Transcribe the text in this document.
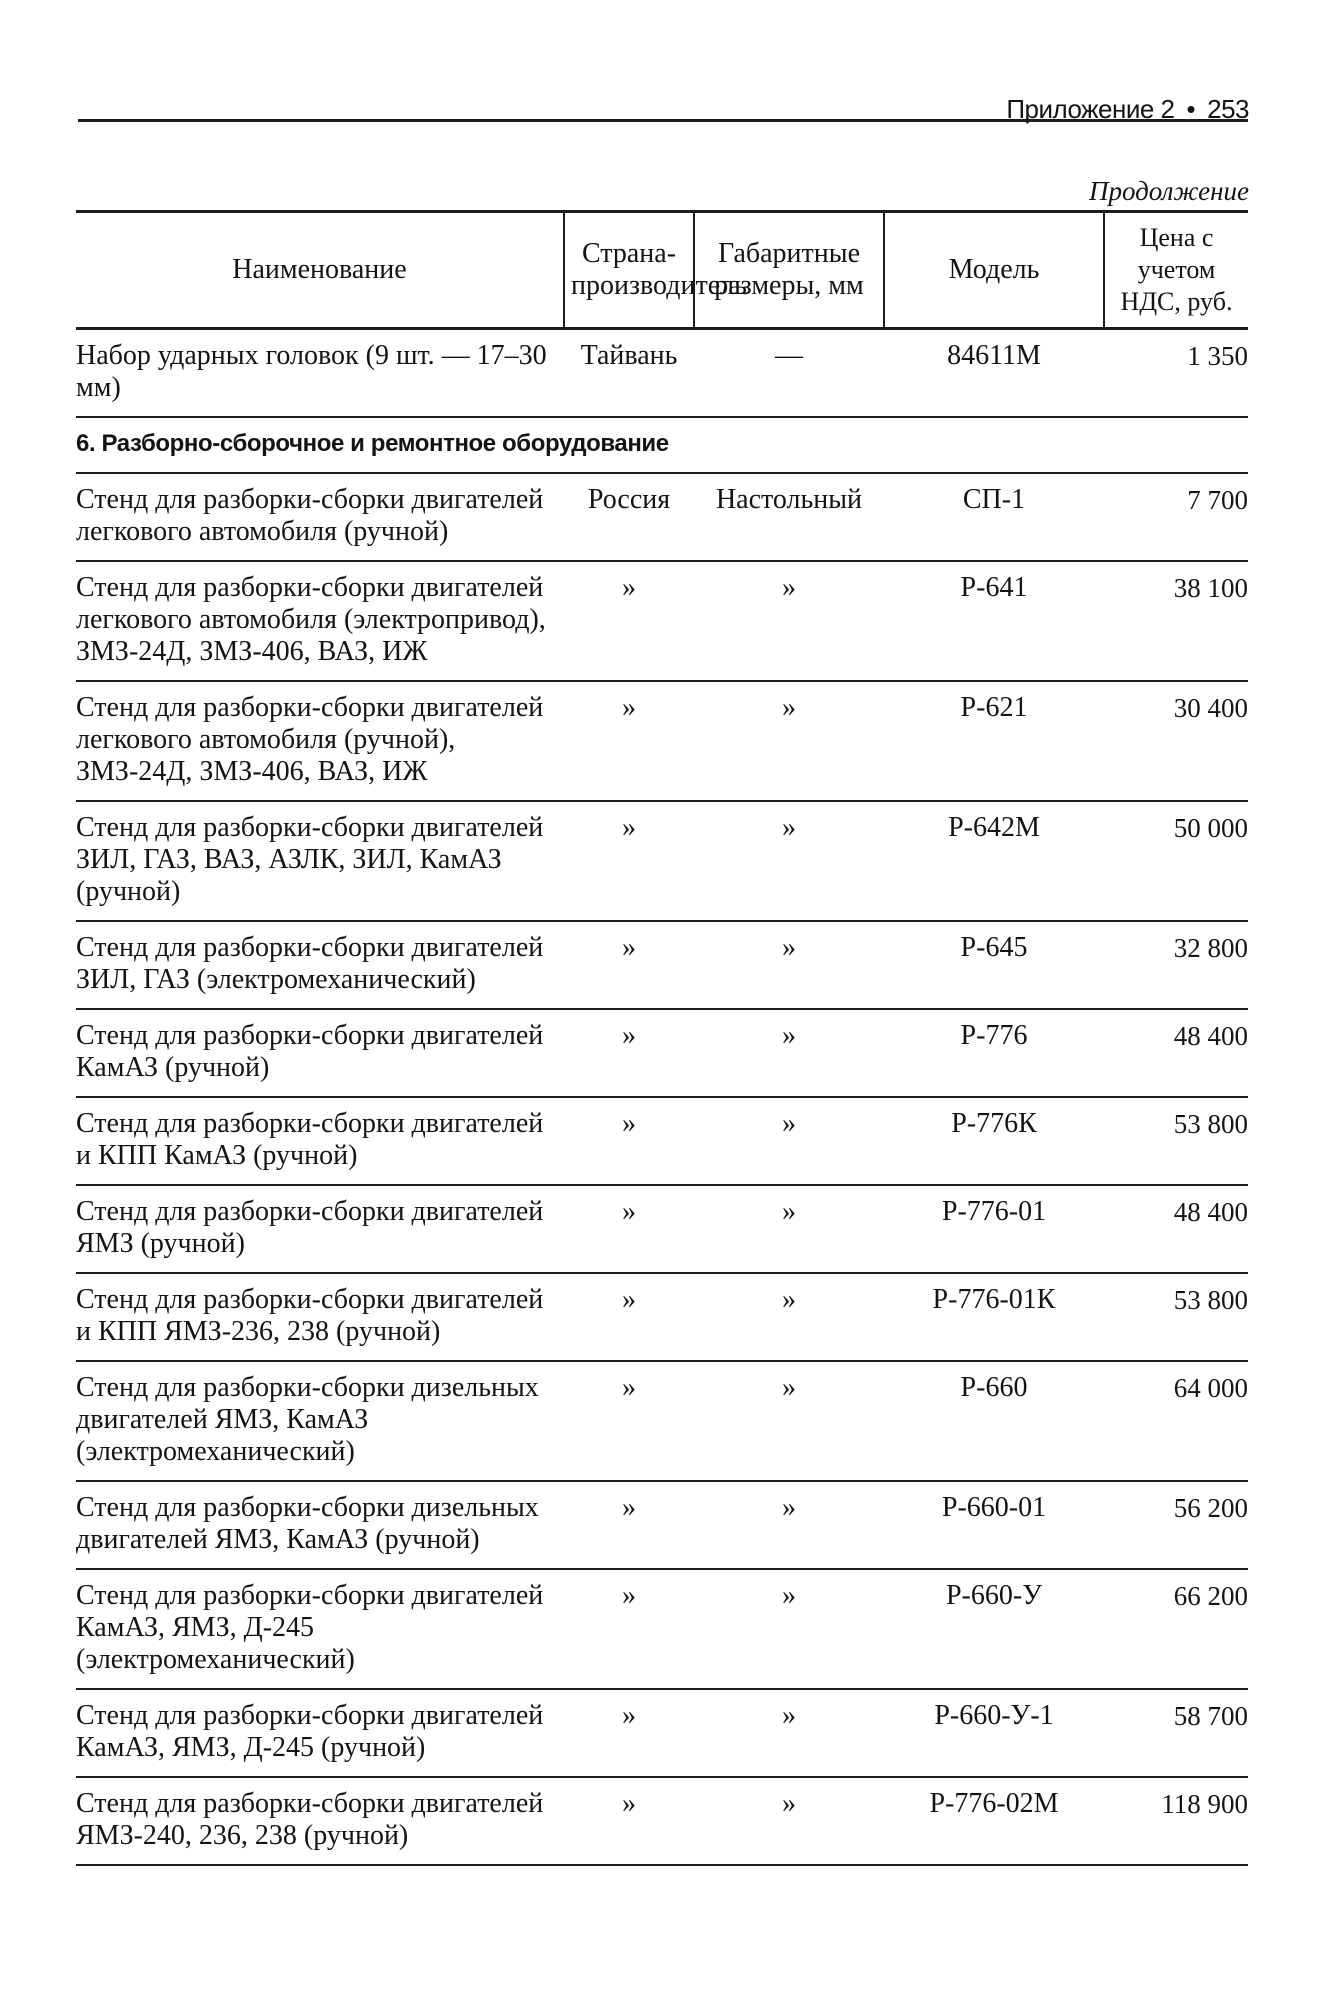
Приложение 2 • 253
Продолжение
Наименование	Страна-производитель	Габаритные размеры, мм	Модель	Цена с учетом НДС, руб.
Набор ударных головок (9 шт. — 17–30 мм)	Тайвань	—	84611М	1 350
6. Разборно-сборочное и ремонтное оборудование				
Стенд для разборки-сборки двигателей легкового автомобиля (ручной)	Россия	Настольный	СП-1	7 700
Стенд для разборки-сборки двигателей легкового автомобиля (электропривод), ЗМЗ-24Д, ЗМЗ-406, ВАЗ, ИЖ	»	»	Р-641	38 100
Стенд для разборки-сборки двигателей легкового автомобиля (ручной), ЗМЗ-24Д, ЗМЗ-406, ВАЗ, ИЖ	»	»	Р-621	30 400
Стенд для разборки-сборки двигателей ЗИЛ, ГАЗ, ВАЗ, АЗЛК, ЗИЛ, КамАЗ (ручной)	»	»	Р-642М	50 000
Стенд для разборки-сборки двигателей ЗИЛ, ГАЗ (электромеханический)	»	»	Р-645	32 800
Стенд для разборки-сборки двигателей КамАЗ (ручной)	»	»	Р-776	48 400
Стенд для разборки-сборки двигателей и КПП КамАЗ (ручной)	»	»	Р-776К	53 800
Стенд для разборки-сборки двигателей ЯМЗ (ручной)	»	»	Р-776-01	48 400
Стенд для разборки-сборки двигателей и КПП ЯМЗ-236, 238 (ручной)	»	»	Р-776-01К	53 800
Стенд для разборки-сборки дизельных двигателей ЯМЗ, КамАЗ (электромеханический)	»	»	Р-660	64 000
Стенд для разборки-сборки дизельных двигателей ЯМЗ, КамАЗ (ручной)	»	»	Р-660-01	56 200
Стенд для разборки-сборки двигателей КамАЗ, ЯМЗ, Д-245 (электромеханический)	»	»	Р-660-У	66 200
Стенд для разборки-сборки двигателей КамАЗ, ЯМЗ, Д-245 (ручной)	»	»	Р-660-У-1	58 700
Стенд для разборки-сборки двигателей ЯМЗ-240, 236, 238 (ручной)	»	»	Р-776-02М	118 900
